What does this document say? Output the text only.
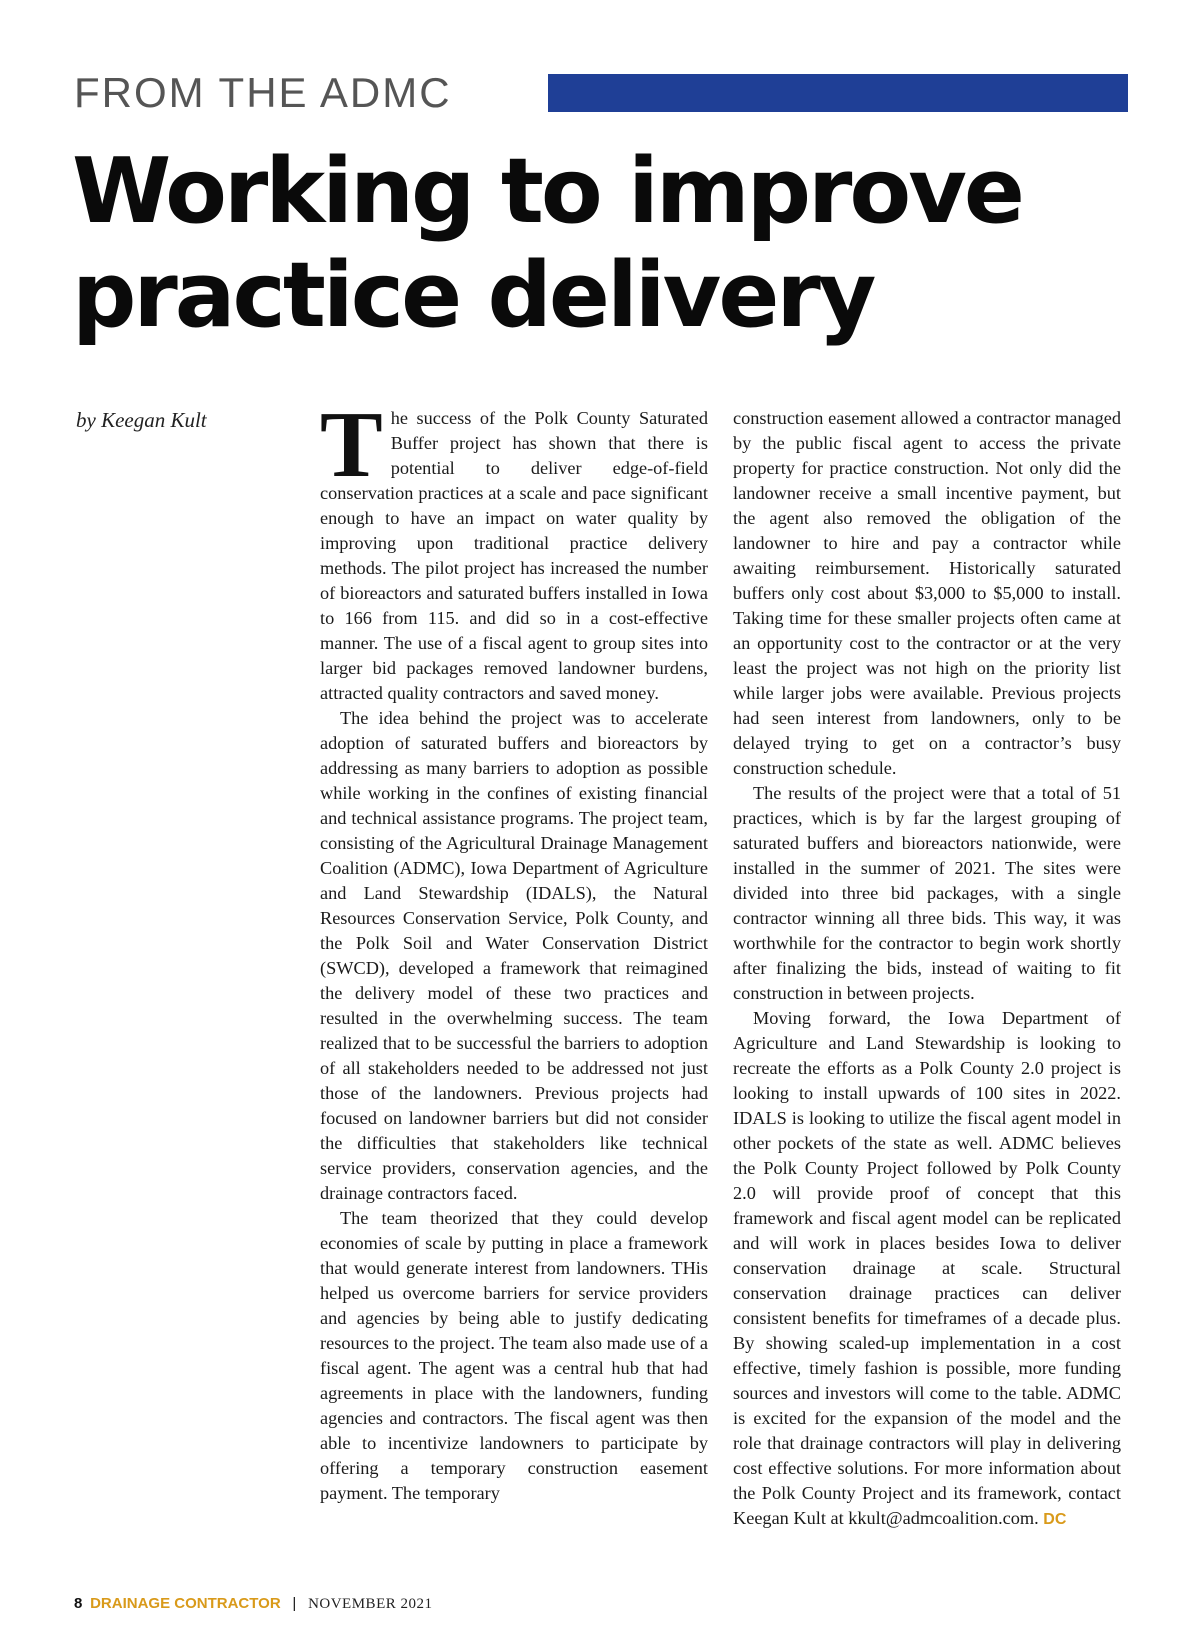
FROM THE ADMC
Working to improve practice delivery
by Keegan Kult The success of the Polk County Saturated Buffer project has shown that there is potential to deliver edge-of-field conservation practices at a scale and pace significant enough to have an impact on water quality by improving upon traditional practice delivery methods. The pilot project has increased the number of bioreactors and saturated buffers installed in Iowa to 166 from 115. and did so in a cost-effective manner. The use of a fiscal agent to group sites into larger bid packages removed landowner burdens, attracted quality contractors and saved money.

The idea behind the project was to accelerate adoption of saturated buffers and bioreactors by addressing as many barriers to adoption as possible while working in the confines of existing financial and technical assistance programs. The project team, consisting of the Agricultural Drainage Management Coalition (ADMC), Iowa Department of Agriculture and Land Stewardship (IDALS), the Natural Resources Conservation Service, Polk County, and the Polk Soil and Water Conservation District (SWCD), developed a framework that reimagined the delivery model of these two practices and resulted in the overwhelming success. The team realized that to be successful the barriers to adoption of all stakeholders needed to be addressed not just those of the landowners. Previous projects had focused on landowner barriers but did not consider the difficulties that stakeholders like technical service providers, conservation agencies, and the drainage contractors faced.

The team theorized that they could develop economies of scale by putting in place a framework that would generate interest from landowners. THis helped us overcome barriers for service providers and agencies by being able to justify dedicating resources to the project. The team also made use of a fiscal agent. The agent was a central hub that had agreements in place with the landowners, funding agencies and contractors. The fiscal agent was then able to incentivize landowners to participate by offering a temporary construction easement payment. The temporary

construction easement allowed a contractor managed by the public fiscal agent to access the private property for practice construction. Not only did the landowner receive a small incentive payment, but the agent also removed the obligation of the landowner to hire and pay a contractor while awaiting reimbursement. Historically saturated buffers only cost about $3,000 to $5,000 to install. Taking time for these smaller projects often came at an opportunity cost to the contractor or at the very least the project was not high on the priority list while larger jobs were available. Previous projects had seen interest from landowners, only to be delayed trying to get on a contractor’s busy construction schedule.

The results of the project were that a total of 51 practices, which is by far the largest grouping of saturated buffers and bioreactors nationwide, were installed in the summer of 2021. The sites were divided into three bid packages, with a single contractor winning all three bids. This way, it was worthwhile for the contractor to begin work shortly after finalizing the bids, instead of waiting to fit construction in between projects.

Moving forward, the Iowa Department of Agriculture and Land Stewardship is looking to recreate the efforts as a Polk County 2.0 project is looking to install upwards of 100 sites in 2022. IDALS is looking to utilize the fiscal agent model in other pockets of the state as well. ADMC believes the Polk County Project followed by Polk County 2.0 will provide proof of concept that this framework and fiscal agent model can be replicated and will work in places besides Iowa to deliver conservation drainage at scale. Structural conservation drainage practices can deliver consistent benefits for timeframes of a decade plus. By showing scaled-up implementation in a cost effective, timely fashion is possible, more funding sources and investors will come to the table. ADMC is excited for the expansion of the model and the role that drainage contractors will play in delivering cost effective solutions. For more information about the Polk County Project and its framework, contact Keegan Kult at kkult@admcoalition.com. DC

8 DRAINAGE CONTRACTOR | NOVEMBER 2021
